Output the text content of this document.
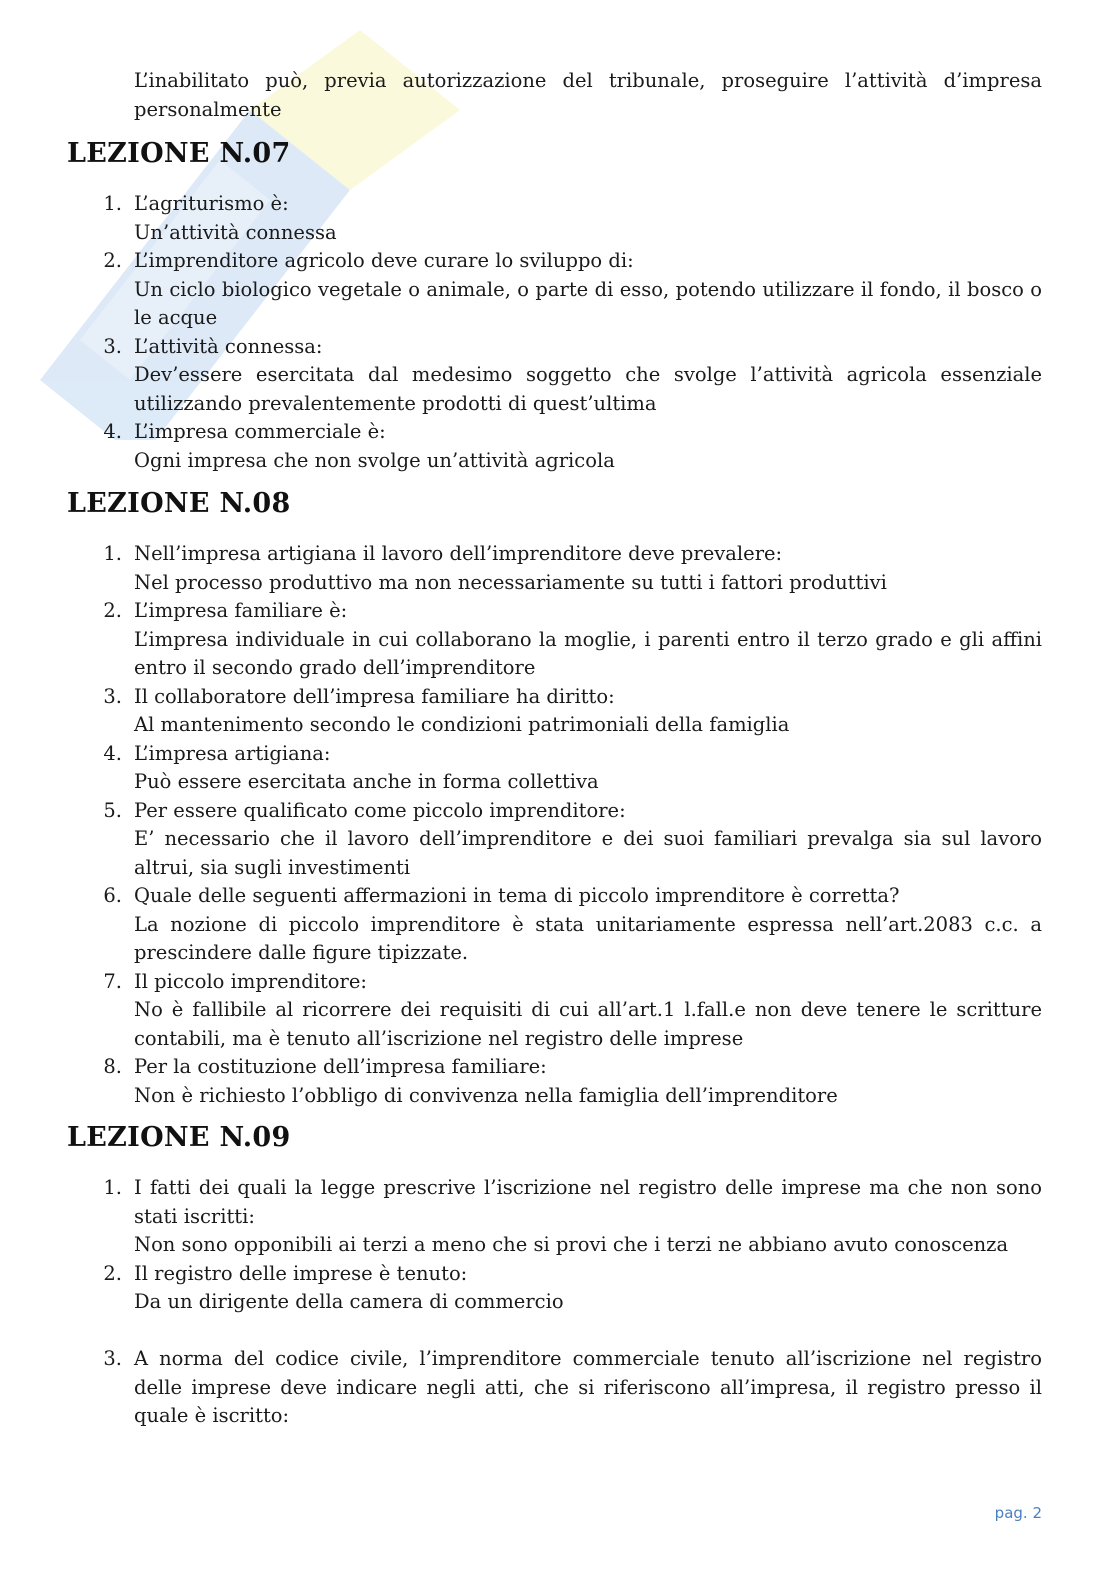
L’inabilitato può, previa autorizzazione del tribunale, proseguire l’attività d’impresa personalmente
LEZIONE N.07
1. L’agriturismo è:
Un’attività connessa
2. L’imprenditore agricolo deve curare lo sviluppo di:
Un ciclo biologico vegetale o animale, o parte di esso, potendo utilizzare il fondo, il bosco o le acque
3. L’attività connessa:
Dev’essere esercitata dal medesimo soggetto che svolge l’attività agricola essenziale utilizzando prevalentemente prodotti di quest’ultima
4. L’impresa commerciale è:
Ogni impresa che non svolge un’attività agricola
LEZIONE N.08
1. Nell’impresa artigiana il lavoro dell’imprenditore deve prevalere:
Nel processo produttivo ma non necessariamente su tutti i fattori produttivi
2. L’impresa familiare è:
L’impresa individuale in cui collaborano la moglie, i parenti entro il terzo grado e gli affini entro il secondo grado dell’imprenditore
3. Il collaboratore dell’impresa familiare ha diritto:
Al mantenimento secondo le condizioni patrimoniali della famiglia
4. L’impresa artigiana:
Può essere esercitata anche in forma collettiva
5. Per essere qualificato come piccolo imprenditore:
E’ necessario che il lavoro dell’imprenditore e dei suoi familiari prevalga sia sul lavoro altrui, sia sugli investimenti
6. Quale delle seguenti affermazioni in tema di piccolo imprenditore è corretta?
La nozione di piccolo imprenditore è stata unitariamente espressa nell’art.2083 c.c. a prescindere dalle figure tipizzate.
7. Il piccolo imprenditore:
No è fallibile al ricorrere dei requisiti di cui all’art.1 l.fall.e non deve tenere le scritture contabili, ma è tenuto all’iscrizione nel registro delle imprese
8. Per la costituzione dell’impresa familiare:
Non è richiesto l’obbligo di convivenza nella famiglia dell’imprenditore
LEZIONE N.09
1. I fatti dei quali la legge prescrive l’iscrizione nel registro delle imprese ma che non sono stati iscritti:
Non sono opponibili ai terzi a meno che si provi che i terzi ne abbiano avuto conoscenza
2. Il registro delle imprese è tenuto:
Da un dirigente della camera di commercio
3. A norma del codice civile, l’imprenditore commerciale tenuto all’iscrizione nel registro delle imprese deve indicare negli atti, che si riferiscono all’impresa, il registro presso il quale è iscritto:
pag. 2
